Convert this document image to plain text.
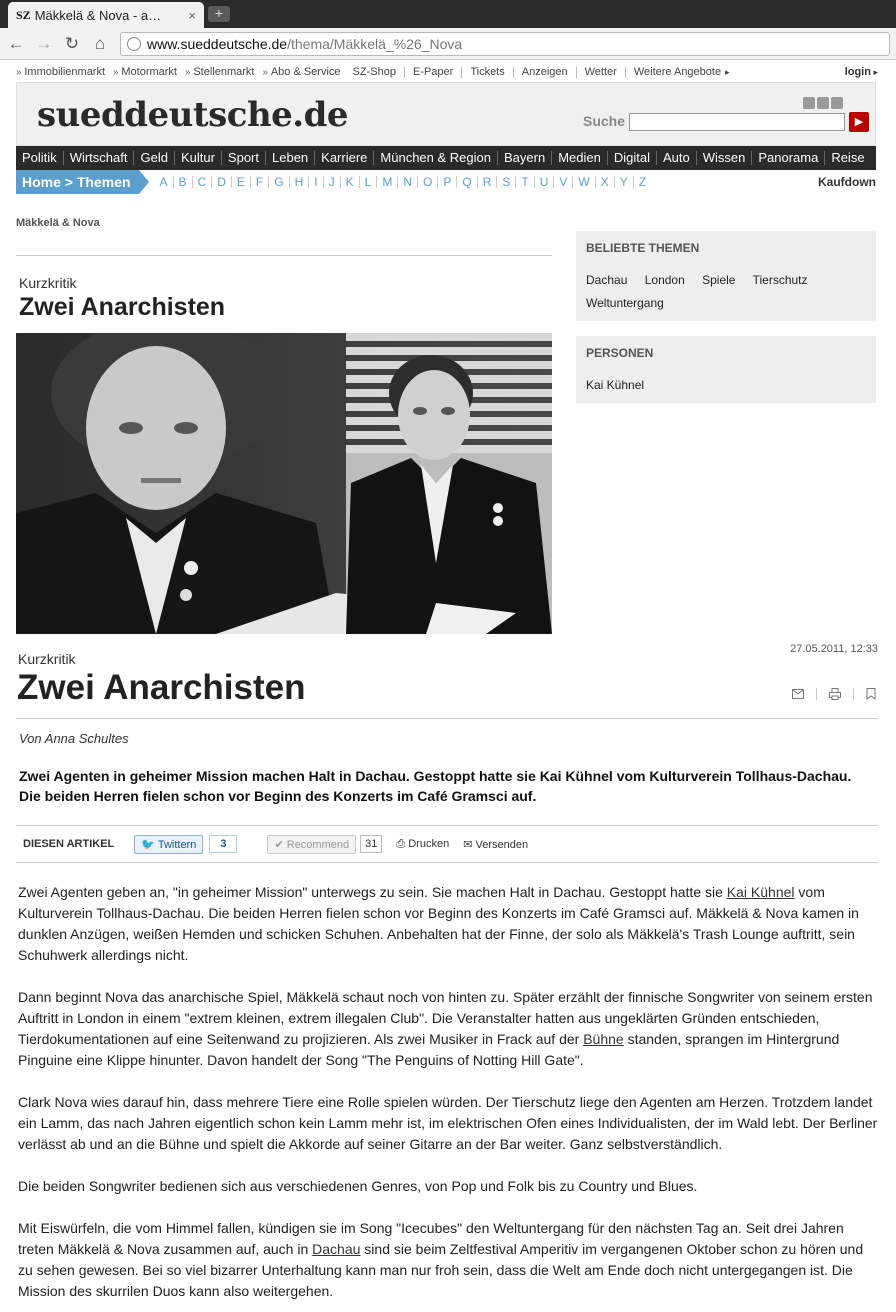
SZ Mäkkelä & Nova - a…	×	+
← → ↻ ⌂	www.sueddeutsche.de /thema/Mäkkelä_%26_Nova
» Immobilienmarkt	» Motormarkt	» Stellenmarkt	» Abo & Service SZ-Shop E-Paper Tickets Anzeigen Wetter Weitere Angebote ▸	login ▸
sueddeutsche.de	Suche	▶
Politik	Wirtschaft	Geld	Kultur	Sport	Leben	Karriere	München & Region	Bayern	Medien	Digital	Auto	Wissen	Panorama	Reise
Home > Themen	A B C D E F G H I J K L M N O P Q R S T U V W X Y Z	Kaufdown
Mäkkelä & Nova
Kurzkritik
Zwei Anarchisten
27.05.2011, 12:33
Kurzkritik
Zwei Anarchisten
Von Anna Schultes
Zwei Agenten in geheimer Mission machen Halt in Dachau. Gestoppt hatte sie Kai Kühnel vom Kulturverein Tollhaus-Dachau. Die beiden Herren fielen schon vor Beginn des Konzerts im Café Gramsci auf.
DIESEN ARTIKEL	🐦 Twittern	3	✔ Recommend	31	⎙ Drucken ✉ Versenden

Zwei Agenten geben an, "in geheimer Mission" unterwegs zu sein. Sie machen Halt in Dachau. Gestoppt hatte sie Kai Kühnel vom Kulturverein Tollhaus-Dachau. Die beiden Herren fielen schon vor Beginn des Konzerts im Café Gramsci auf. Mäkkelä & Nova kamen in dunklen Anzügen, weißen Hemden und schicken Schuhen. Anbehalten hat der Finne, der solo als Mäkkelä's Trash Lounge auftritt, sein Schuhwerk allerdings nicht.

Dann beginnt Nova das anarchische Spiel, Mäkkelä schaut noch von hinten zu. Später erzählt der finnische Songwriter von seinem ersten Auftritt in London in einem "extrem kleinen, extrem illegalen Club". Die Veranstalter hatten aus ungeklärten Gründen entschieden, Tierdokumentationen auf eine Seitenwand zu projizieren. Als zwei Musiker in Frack auf der Bühne standen, sprangen im Hintergrund Pinguine eine Klippe hinunter. Davon handelt der Song "The Penguins of Notting Hill Gate".

Clark Nova wies darauf hin, dass mehrere Tiere eine Rolle spielen würden. Der Tierschutz liege den Agenten am Herzen. Trotzdem landet ein Lamm, das nach Jahren eigentlich schon kein Lamm mehr ist, im elektrischen Ofen eines Individualisten, der im Wald lebt. Der Berliner verlässt ab und an die Bühne und spielt die Akkorde auf seiner Gitarre an der Bar weiter. Ganz selbstverständlich.

Die beiden Songwriter bedienen sich aus verschiedenen Genres, von Pop und Folk bis zu Country und Blues.

Mit Eiswürfeln, die vom Himmel fallen, kündigen sie im Song "Icecubes" den Weltuntergang für den nächsten Tag an. Seit drei Jahren treten Mäkkelä & Nova zusammen auf, auch in Dachau sind sie beim Zeltfestival Amperitiv im vergangenen Oktober schon zu hören und zu sehen gewesen. Bei so viel bizarrer Unterhaltung kann man nur froh sein, dass die Welt am Ende doch nicht untergegangen ist. Die Mission des skurrilen Duos kann also weitergehen.

BELIEBTE THEMEN
Dachau London Spiele Tierschutz
Weltuntergang
PERSONEN
Kai Kühnel
